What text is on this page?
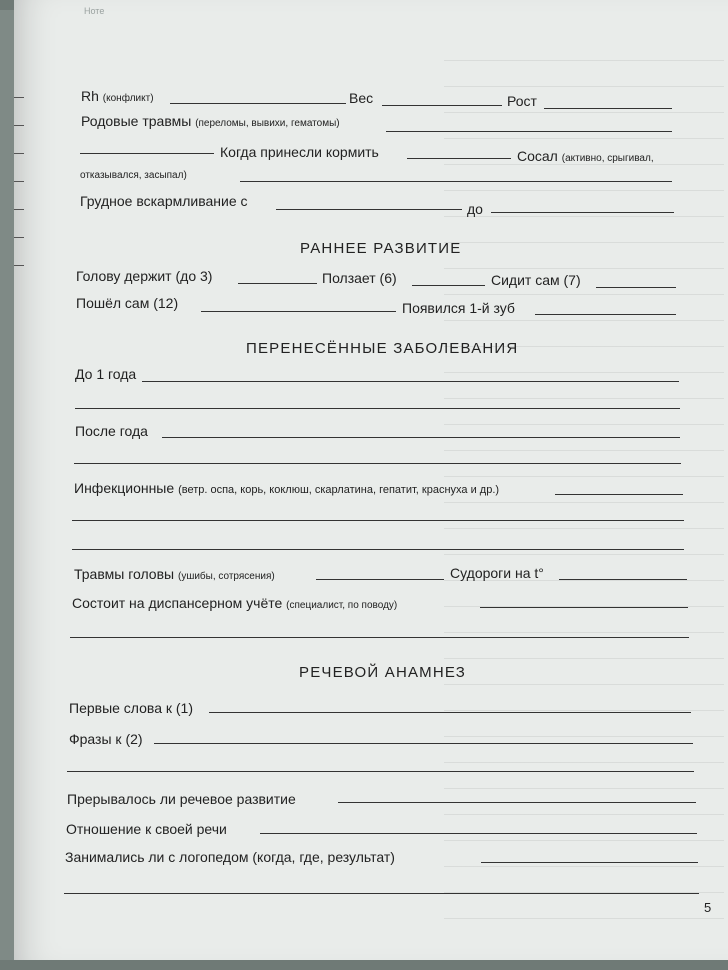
Ноте
Rh (конфликт)	Вес	Рост
Родовые травмы (переломы, вывихи, гематомы)
Когда принесли кормить	Сосал (активно, срыгивал,
отказывался, засыпал)
Грудное вскармливание с	до
РАННЕЕ РАЗВИТИЕ
Голову держит (до 3)	Ползает (6)	Сидит сам (7)
Пошёл сам (12)	Появился 1-й зуб
ПЕРЕНЕСЁННЫЕ ЗАБОЛЕВАНИЯ
До 1 года
После года
Инфекционные (ветр. оспа, корь, коклюш, скарлатина, гепатит, краснуха и др.)
Травмы головы (ушибы, сотрясения)	Судороги на t°
Состоит на диспансерном учёте (специалист, по поводу)
РЕЧЕВОЙ АНАМНЕЗ
Первые слова к (1)
Фразы к (2)
Прерывалось ли речевое развитие
Отношение к своей речи
Занимались ли с логопедом (когда, где, результат)
5
